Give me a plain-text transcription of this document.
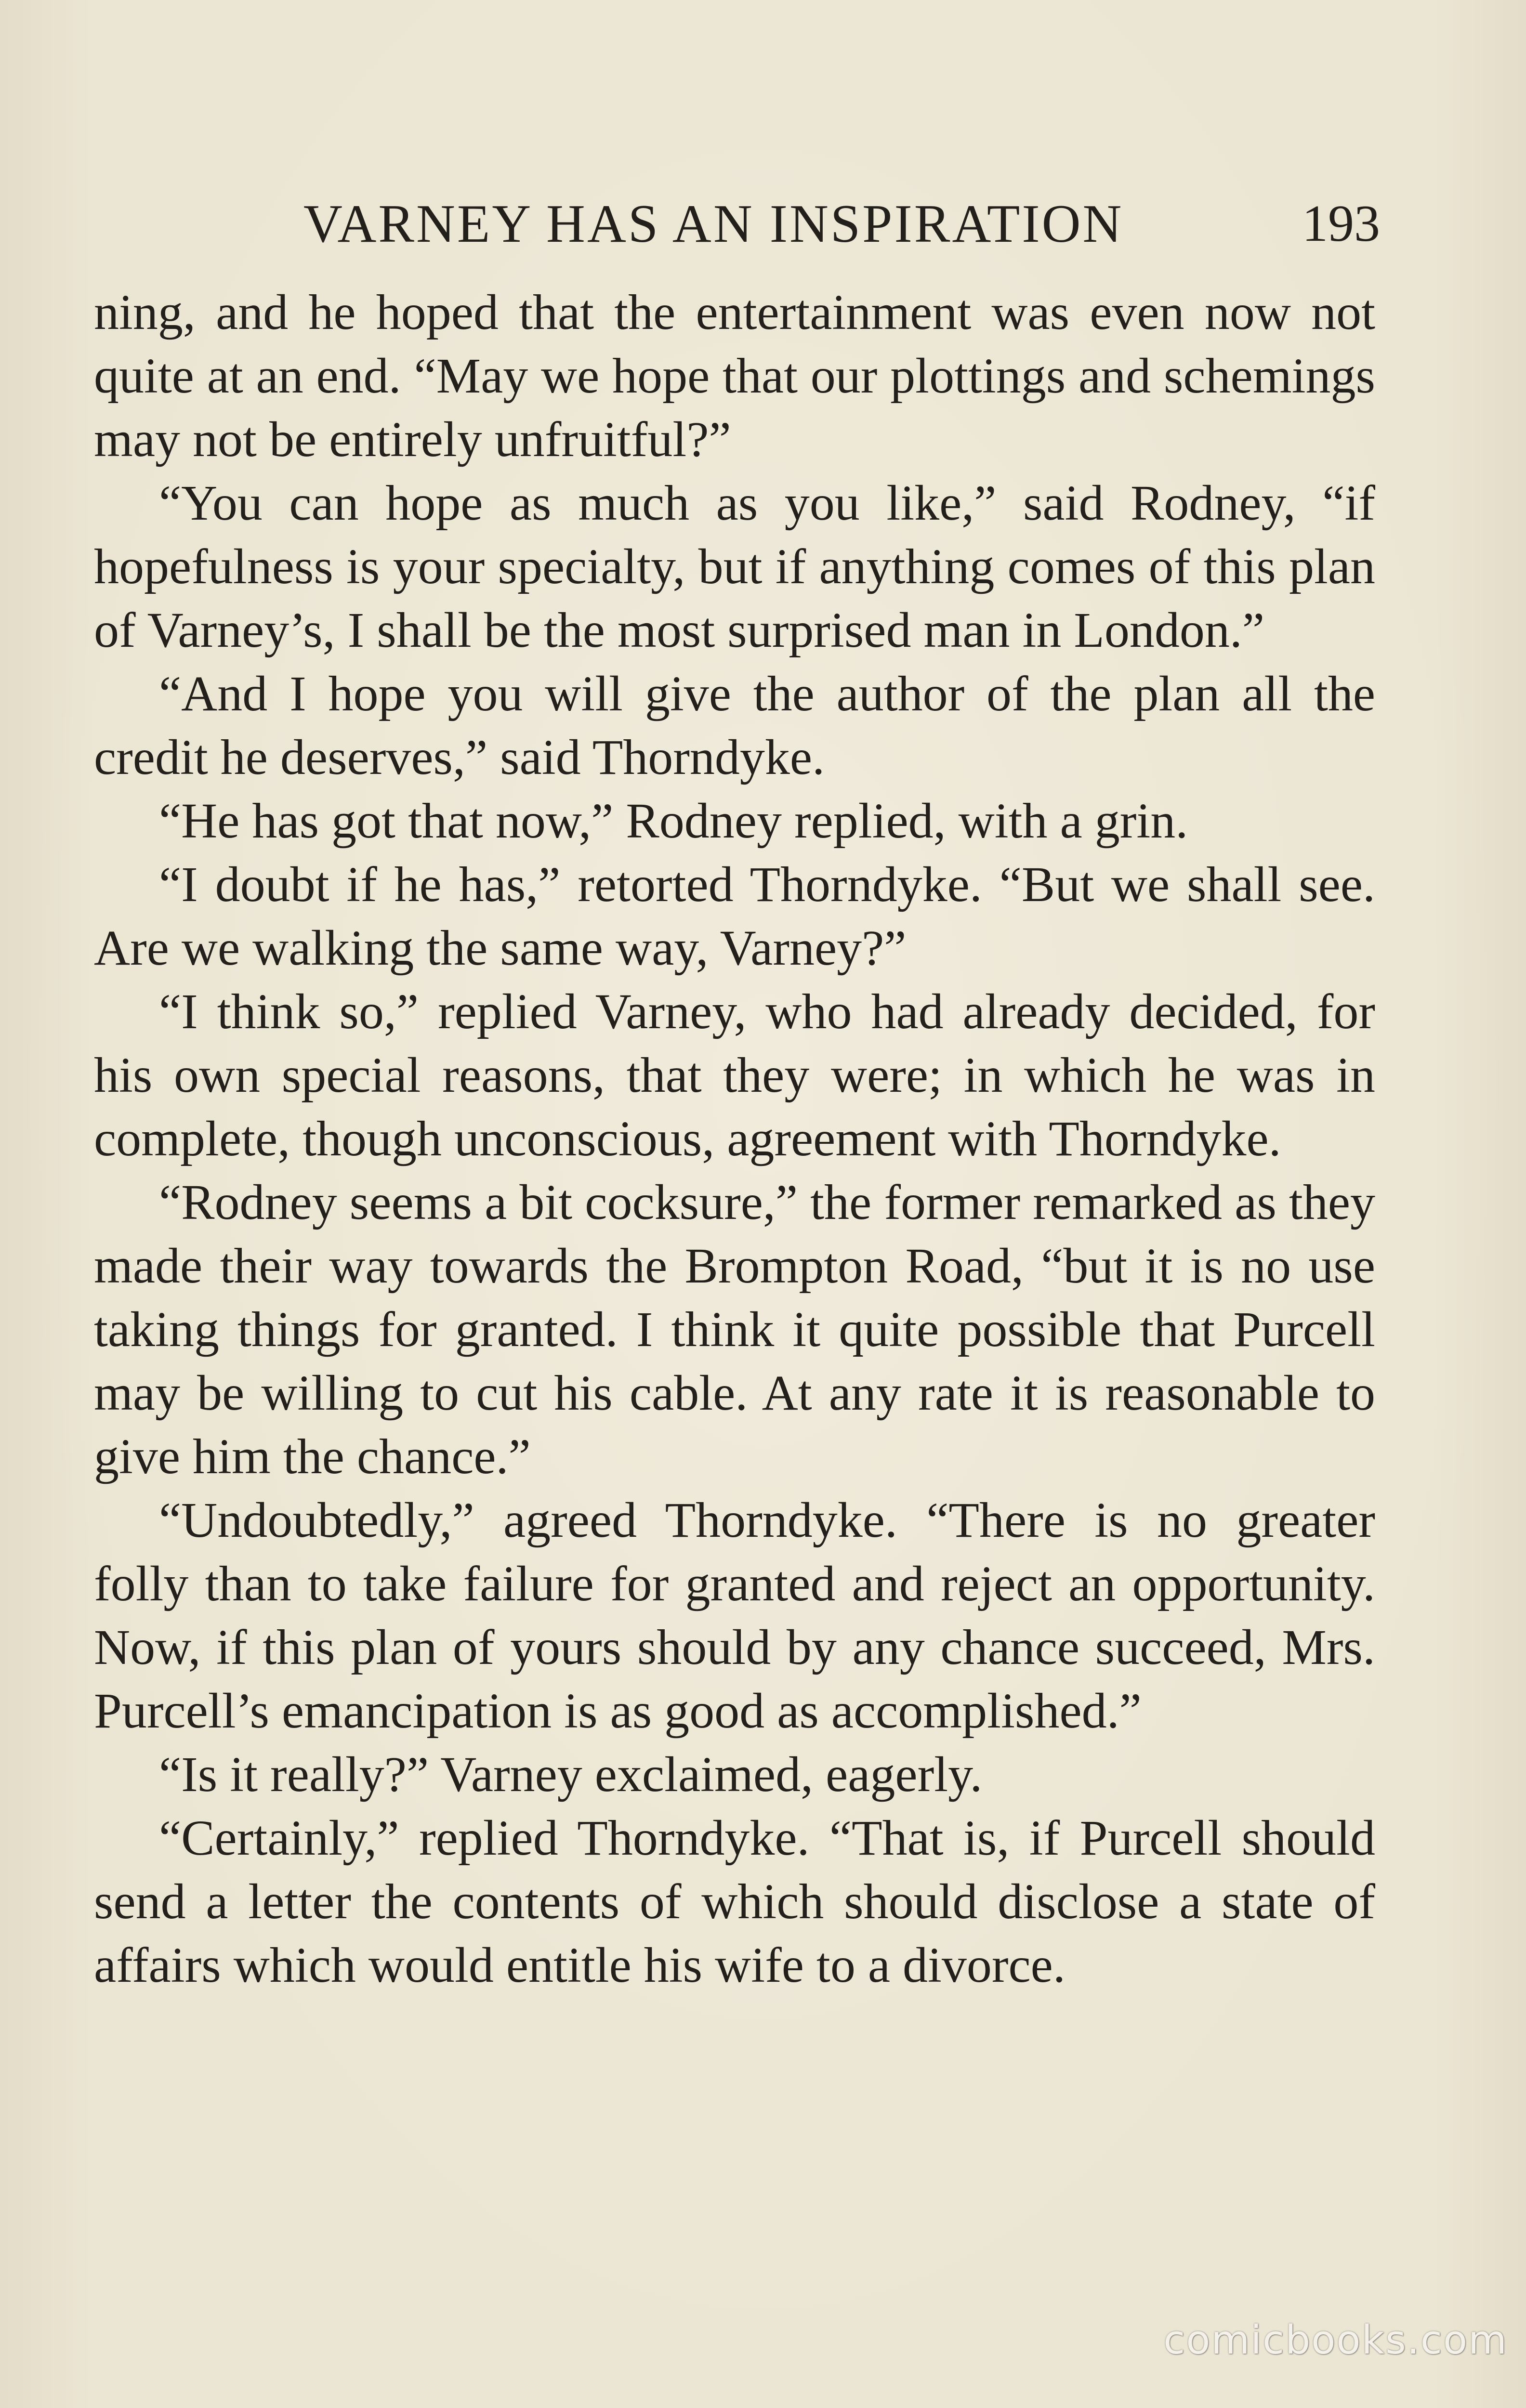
VARNEY HAS AN INSPIRATION	193

ning, and he hoped that the entertainment was even now not quite at an end. “May we hope that our plottings and schemings may not be entirely unfruitful?”

“You can hope as much as you like,” said Rodney, “if hopefulness is your specialty, but if anything comes of this plan of Varney’s, I shall be the most surprised man in London.”

“And I hope you will give the author of the plan all the credit he deserves,” said Thorndyke.

“He has got that now,” Rodney replied, with a grin.

“I doubt if he has,” retorted Thorndyke. “But we shall see. Are we walking the same way, Varney?”

“I think so,” replied Varney, who had already decided, for his own special reasons, that they were; in which he was in complete, though unconscious, agreement with Thorndyke.

“Rodney seems a bit cocksure,” the former remarked as they made their way towards the Brompton Road, “but it is no use taking things for granted. I think it quite possible that Purcell may be willing to cut his cable. At any rate it is reasonable to give him the chance.”

“Undoubtedly,” agreed Thorndyke. “There is no greater folly than to take failure for granted and reject an opportunity. Now, if this plan of yours should by any chance succeed, Mrs. Purcell’s emancipation is as good as accomplished.”

“Is it really?” Varney exclaimed, eagerly.

“Certainly,” replied Thorndyke. “That is, if Purcell should send a letter the contents of which should disclose a state of affairs which would entitle his wife to a divorce.

comicbooks.com
